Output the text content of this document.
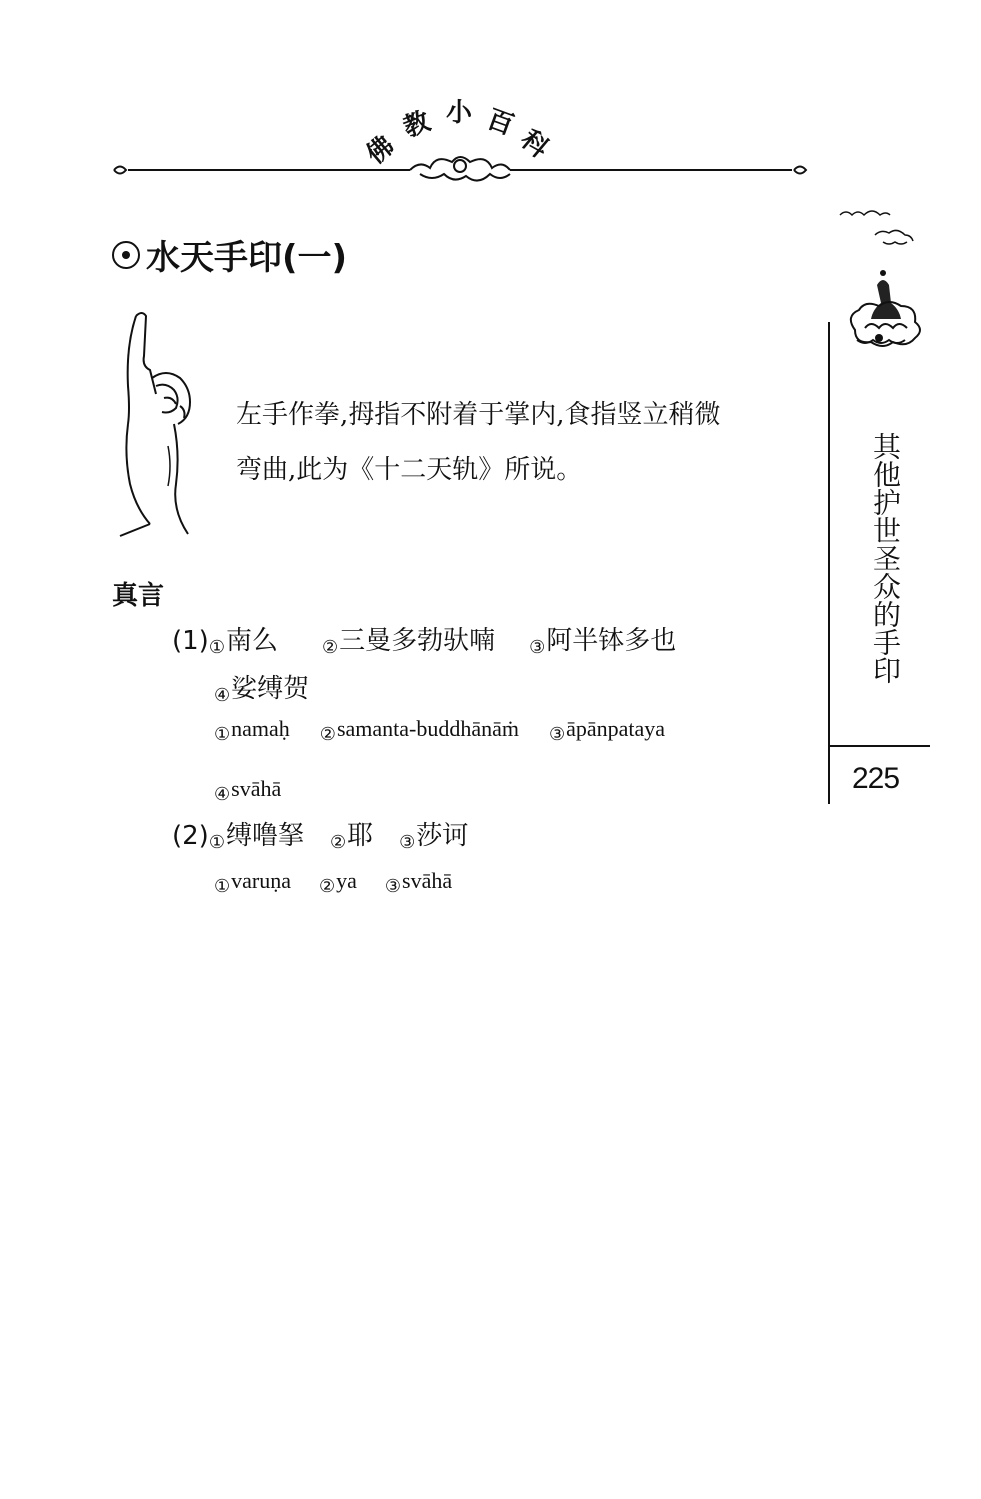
佛
教 小 百
科
其他护世圣众的手印
225
水天手印(一)
左手作拳,拇指不附着于掌内,食指竖立稍微
弯曲,此为《十二天轨》所说。
真言
(1)①南么 ②三曼多勃驮喃 ③阿半钵多也
④娑缚贺
①namaḥ ②samanta-buddhānāṁ ③āpānpataya
④svāhā
(2)①缚噜拏 ②耶 ③莎诃
①varuṇa ②ya ③svāhā
